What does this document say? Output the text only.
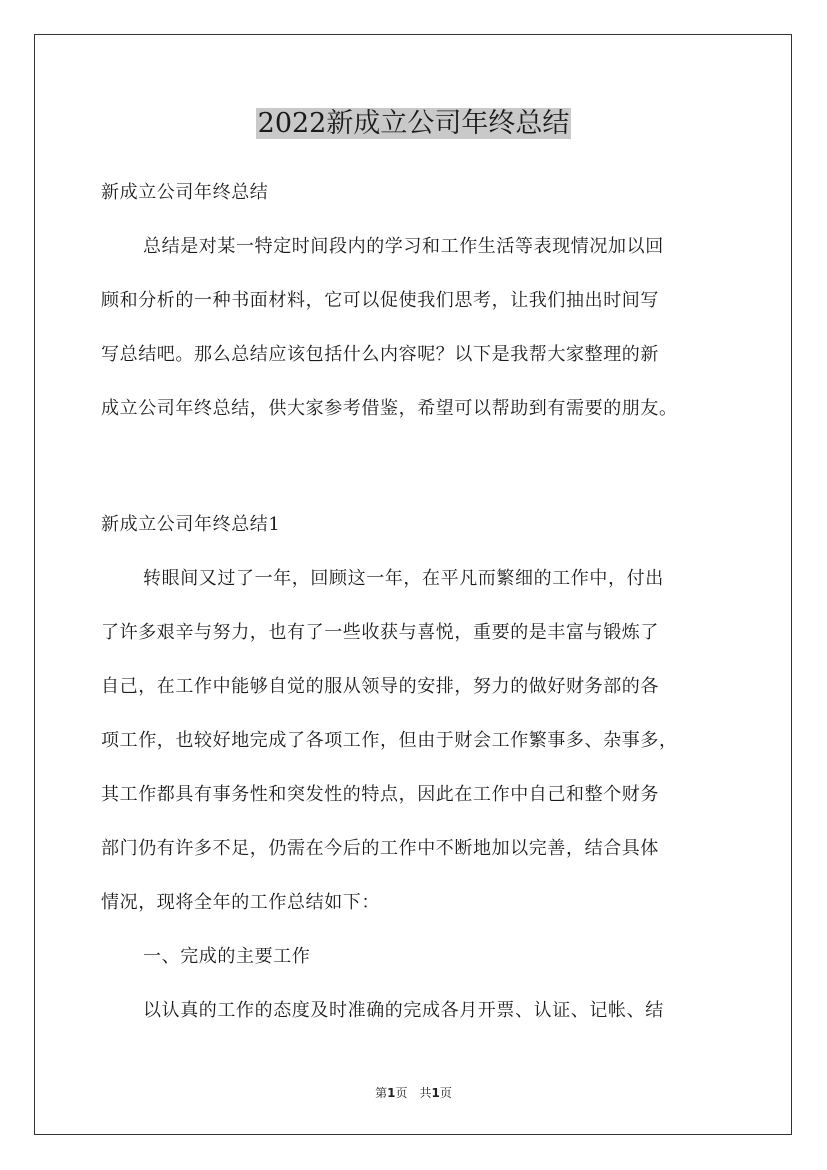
2022新成立公司年终总结
新成立公司年终总结
总结是对某一特定时间段内的学习和工作生活等表现情况加以回
顾和分析的一种书面材料，它可以促使我们思考，让我们抽出时间写
写总结吧。那么总结应该包括什么内容呢？以下是我帮大家整理的新
成立公司年终总结，供大家参考借鉴，希望可以帮助到有需要的朋友。
新成立公司年终总结1
转眼间又过了一年，回顾这一年，在平凡而繁细的工作中，付出
了许多艰辛与努力，也有了一些收获与喜悦，重要的是丰富与锻炼了
自己，在工作中能够自觉的服从领导的安排，努力的做好财务部的各
项工作，也较好地完成了各项工作，但由于财会工作繁事多、杂事多，
其工作都具有事务性和突发性的特点，因此在工作中自己和整个财务
部门仍有许多不足，仍需在今后的工作中不断地加以完善，结合具体
情况，现将全年的工作总结如下：
一、完成的主要工作
以认真的工作的态度及时准确的完成各月开票、认证、记帐、结
第1页　共1页
